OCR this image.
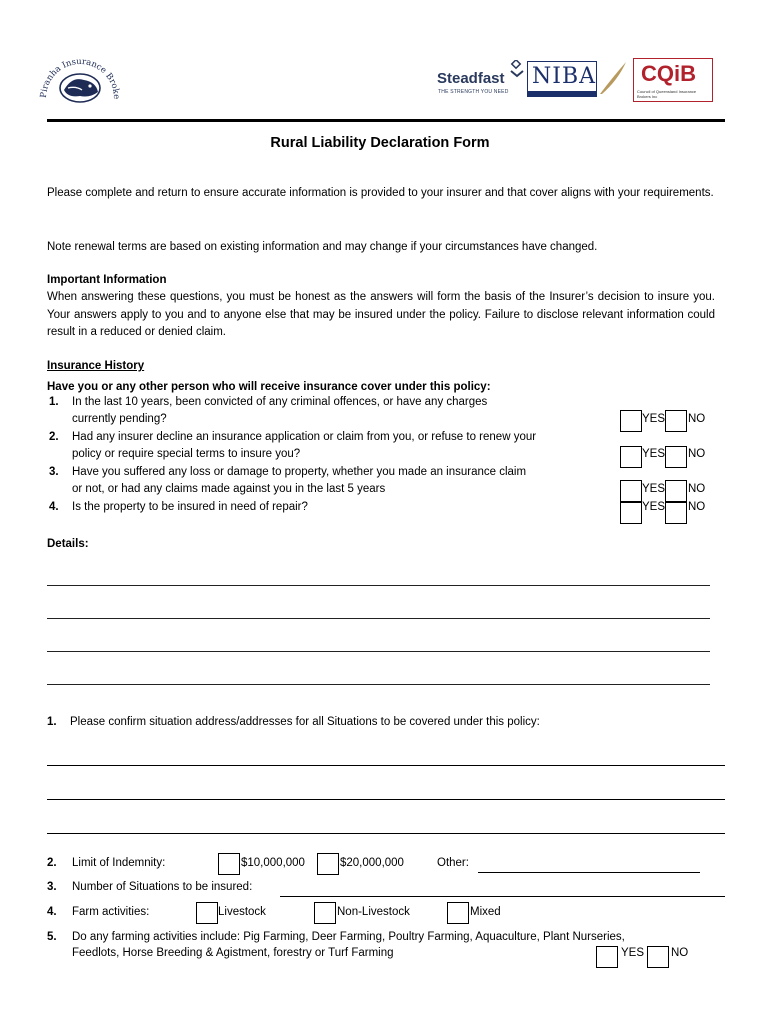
Piranha Insurance Brok
Steadfast
THE STRENGTH YOU NEED
NIBA CQiB
Council of Queensland Insurance Brokers Inc
Rural Liability Declaration Form
Please complete and return to ensure accurate information is provided to your insurer and that cover aligns with your requirements.
Note renewal terms are based on existing information and may change if your circumstances have changed.
Important Information
When answering these questions, you must be honest as the answers will form the basis of the Insurer’s decision to insure you. Your answers apply to you and to anyone else that may be insured under the policy. Failure to disclose relevant information could result in a reduced or denied claim.
Insurance History
Have you or any other person who will receive insurance cover under this policy:
1. In the last 10 years, been convicted of any criminal offences, or have any charges
currently pending?	YES NO
2. Had any insurer decline an insurance application or claim from you, or refuse to renew your
policy or require special terms to insure you?	YES NO
3. Have you suffered any loss or damage to property, whether you made an insurance claim
or not, or had any claims made against you in the last 5 years	YES NO
4. Is the property to be insured in need of repair?	YES NO
Details:
1. Please confirm situation address/addresses for all Situations to be covered under this policy:
2. Limit of Indemnity:	$10,000,000	$20,000,000	Other:
3. Number of Situations to be insured:
4. Farm activities:	Livestock	Non-Livestock	Mixed
5. Do any farming activities include: Pig Farming, Deer Farming, Poultry Farming, Aquaculture, Plant Nurseries,
Feedlots, Horse Breeding & Agistment, forestry or Turf Farming	YES NO
